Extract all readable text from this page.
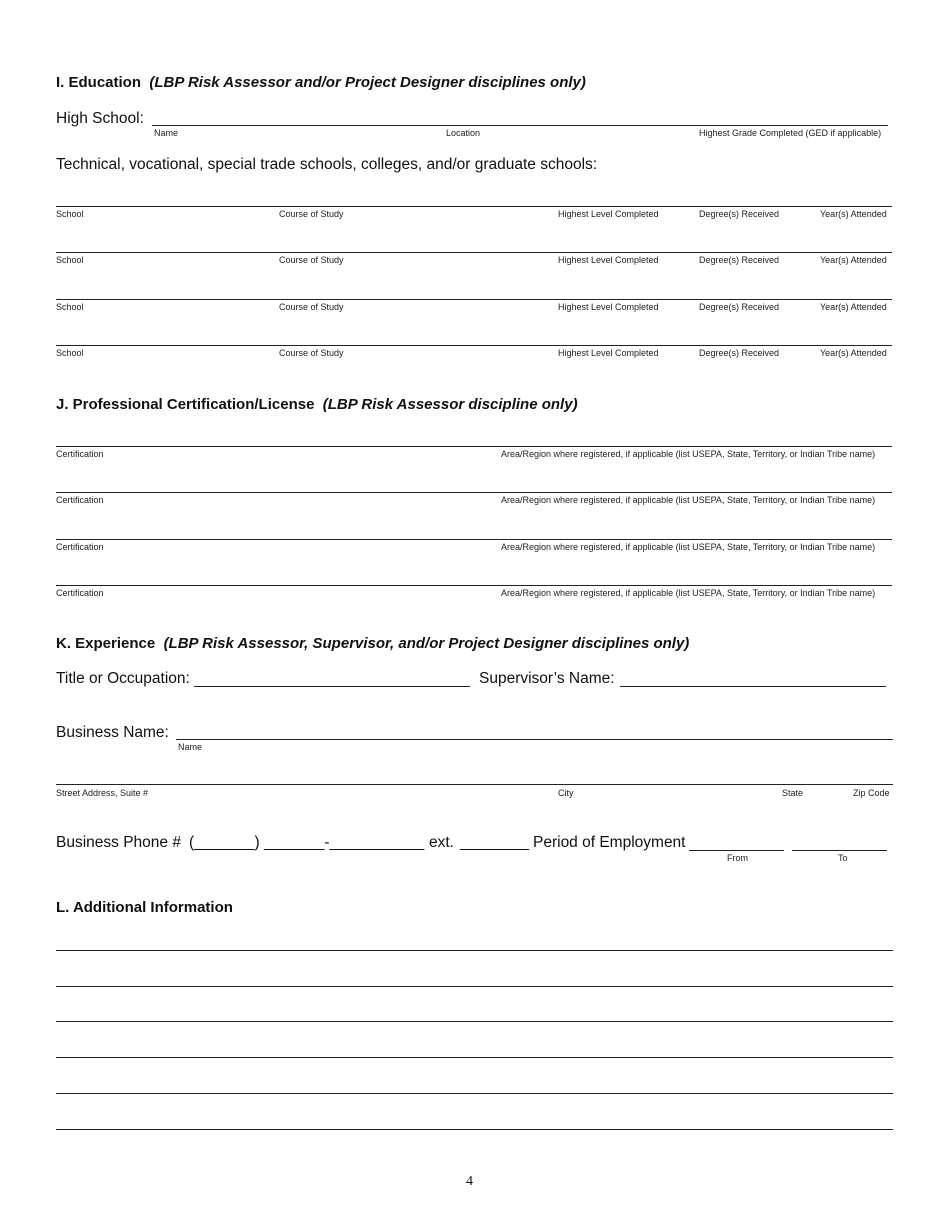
I. Education (LBP Risk Assessor and/or Project Designer disciplines only)
High School:
Name	Location	Highest Grade Completed (GED if applicable)
Technical, vocational, special trade schools, colleges, and/or graduate schools:
School	Course of Study	Highest Level Completed	Degree(s) Received	Year(s) Attended
School	Course of Study	Highest Level Completed	Degree(s) Received	Year(s) Attended
School	Course of Study	Highest Level Completed	Degree(s) Received	Year(s) Attended
School	Course of Study	Highest Level Completed	Degree(s) Received	Year(s) Attended
J. Professional Certification/License (LBP Risk Assessor discipline only)
Certification	Area/Region where registered, if applicable (list USEPA, State, Territory, or Indian Tribe name)
Certification	Area/Region where registered, if applicable (list USEPA, State, Territory, or Indian Tribe name)
Certification	Area/Region where registered, if applicable (list USEPA, State, Territory, or Indian Tribe name)
Certification	Area/Region where registered, if applicable (list USEPA, State, Territory, or Indian Tribe name)
K. Experience (LBP Risk Assessor, Supervisor, and/or Project Designer disciplines only)
Title or Occupation:	Supervisor’s Name:
Business Name:
Name
Street Address, Suite #	City	State	Zip Code
Business Phone # (_______) _______-___________ ext. ________ Period of Employment
From	To
L. Additional Information
4
